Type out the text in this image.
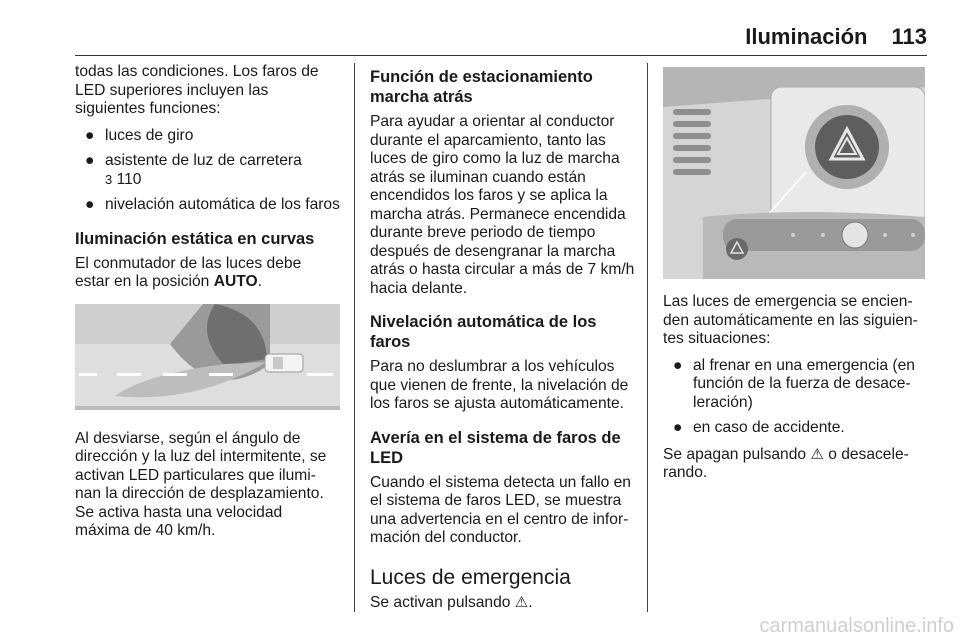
Iluminación 113

todas las condiciones. Los faros de LED superiores incluyen las siguientes funciones:

● luces de giro
● asistente de luz de carretera
3 110
● nivelación automática de los faros
Iluminación estática en curvas

El conmutador de las luces debe estar en la posición AUTO.

Al desviarse, según el ángulo de dirección y la luz del intermitente, se activan LED particulares que ilumi-nan la dirección de desplazamiento. Se activa hasta una velocidad máxima de 40 km/h.

Función de estacionamiento marcha atrás

Para ayudar a orientar al conductor durante el aparcamiento, tanto las luces de giro como la luz de marcha atrás se iluminan cuando están encendidos los faros y se aplica la marcha atrás. Permanece encendida durante breve periodo de tiempo después de desengranar la marcha atrás o hasta circular a más de 7 km/h hacia delante.

Nivelación automática de los faros

Para no deslumbrar a los vehículos que vienen de frente, la nivelación de los faros se ajusta automáticamente.

Avería en el sistema de faros de LED

Cuando el sistema detecta un fallo en el sistema de faros LED, se muestra una advertencia en el centro de infor-mación del conductor.

Luces de emergencia

Se activan pulsando ⚠.

Las luces de emergencia se encien-den automáticamente en las siguien-tes situaciones:

● al frenar en una emergencia (en función de la fuerza de desace-leración)
● en caso de accidente.

Se apagan pulsando ⚠ o desacele-rando.

carmanualsonline.info
